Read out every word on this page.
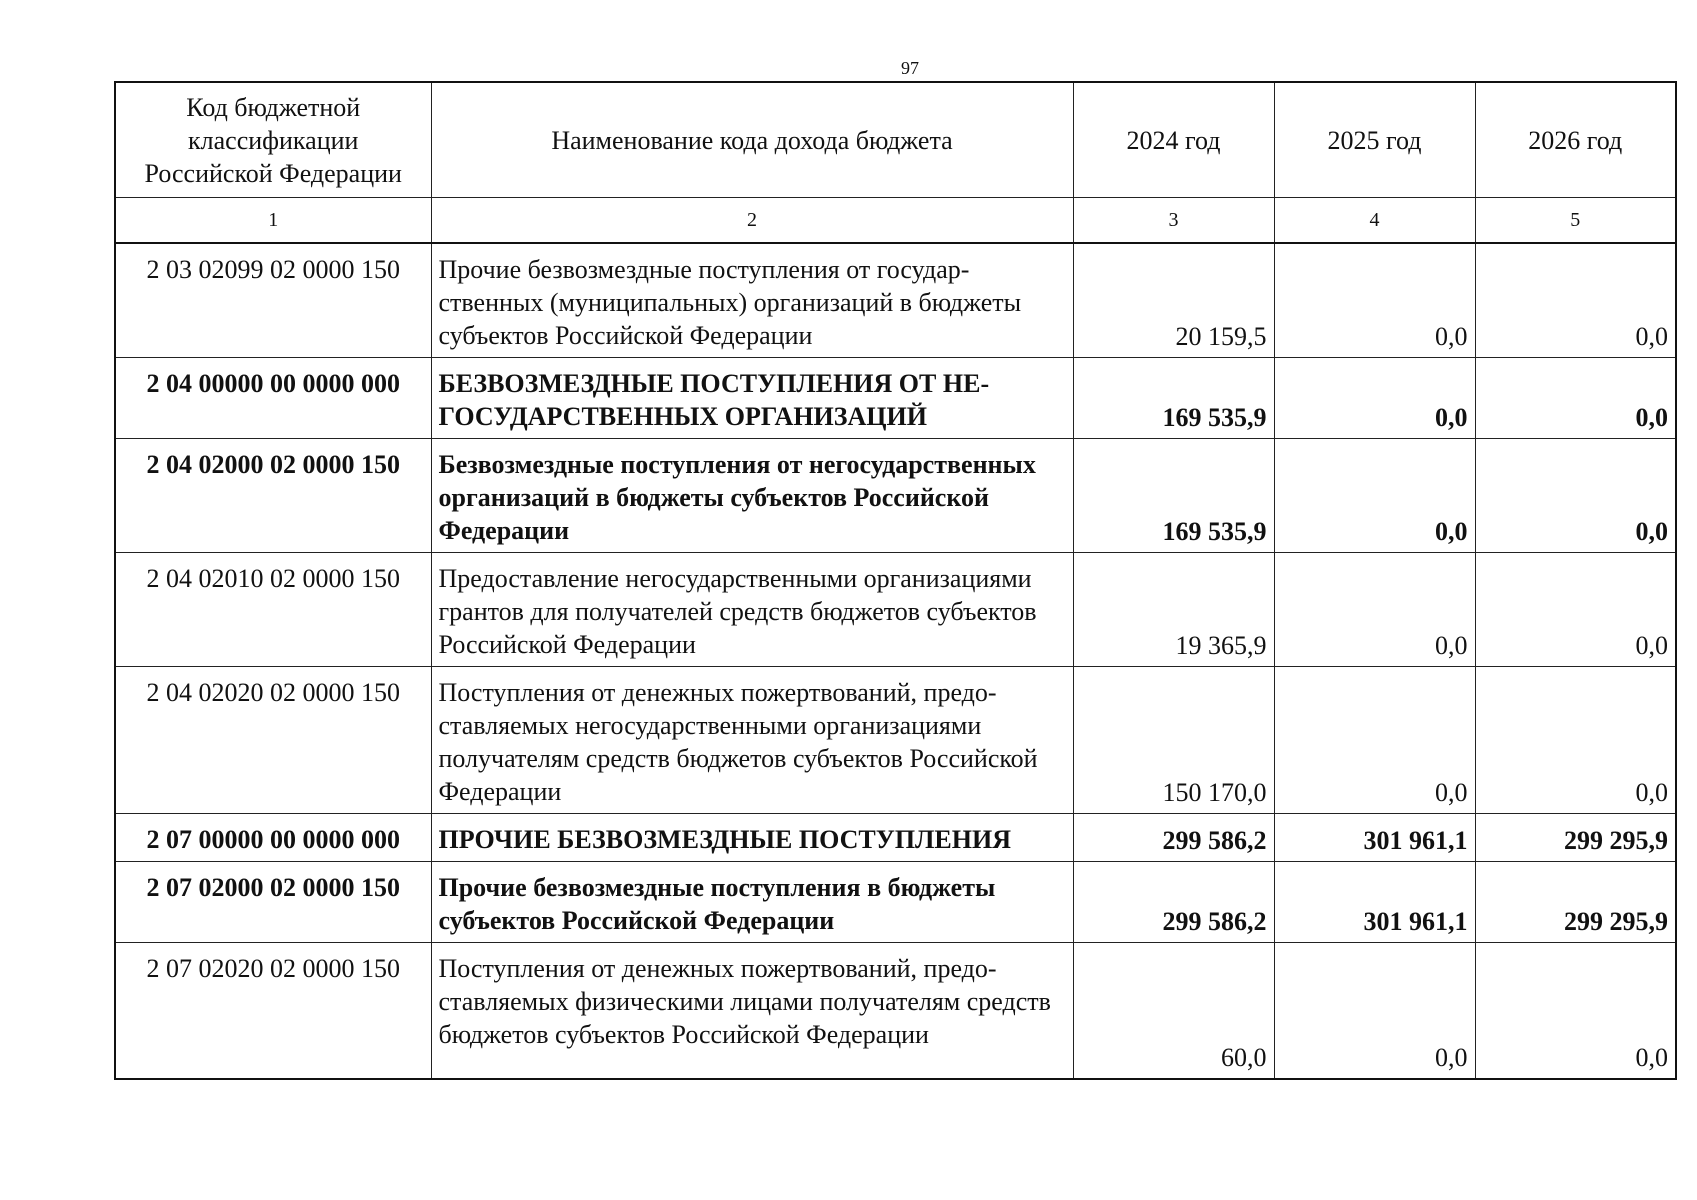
97
Код бюджетной классификации Российской Федерации	Наименование кода дохода бюджета	2024 год	2025 год	2026 год
1	2	3	4	5
2 03 02099 02 0000 150	Прочие безвозмездные поступления от государственных (муниципальных) организаций в бюджеты субъектов Российской Федерации	20 159,5	0,0	0,0
2 04 00000 00 0000 000	БЕЗВОЗМЕЗДНЫЕ ПОСТУПЛЕНИЯ ОТ НЕГОСУДАРСТВЕННЫХ ОРГАНИЗАЦИЙ	169 535,9	0,0	0,0
2 04 02000 02 0000 150	Безвозмездные поступления от негосударственных организаций в бюджеты субъектов Российской Федерации	169 535,9	0,0	0,0
2 04 02010 02 0000 150	Предоставление негосударственными организациями грантов для получателей средств бюджетов субъектов Российской Федерации	19 365,9	0,0	0,0
2 04 02020 02 0000 150	Поступления от денежных пожертвований, предоставляемых негосударственными организациями получателям средств бюджетов субъектов Российской Федерации	150 170,0	0,0	0,0
2 07 00000 00 0000 000	ПРОЧИЕ БЕЗВОЗМЕЗДНЫЕ ПОСТУПЛЕНИЯ	299 586,2	301 961,1	299 295,9
2 07 02000 02 0000 150	Прочие безвозмездные поступления в бюджеты субъектов Российской Федерации	299 586,2	301 961,1	299 295,9
2 07 02020 02 0000 150	Поступления от денежных пожертвований, предоставляемых физическими лицами получателям средств бюджетов субъектов Российской Федерации	60,0	0,0	0,0
